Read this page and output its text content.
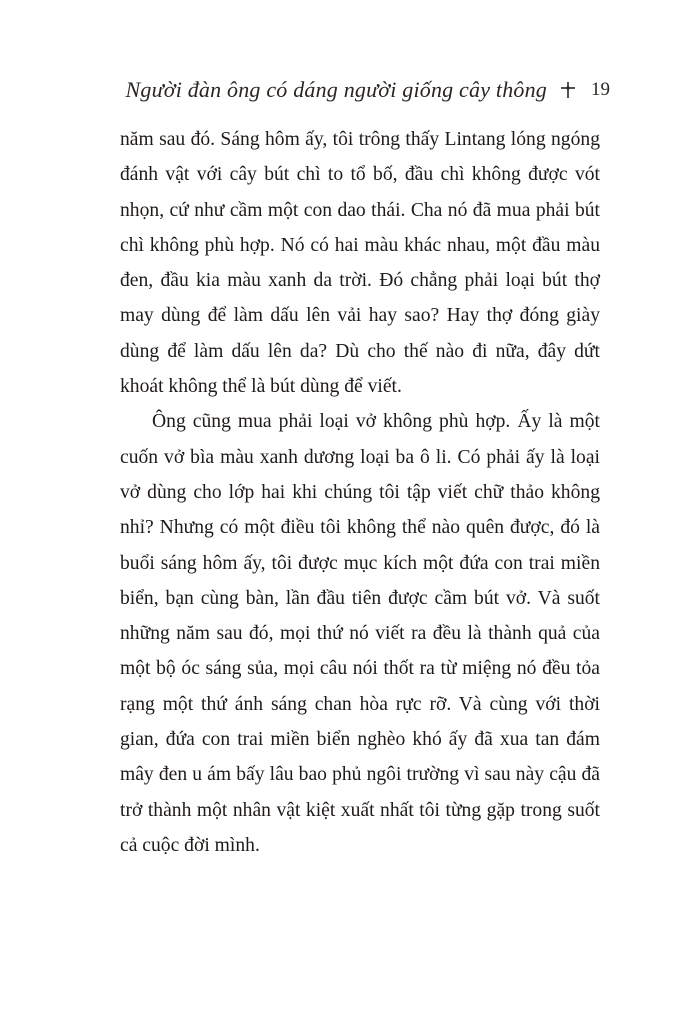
Người đàn ông có dáng người giống cây thông 19

năm sau đó. Sáng hôm ấy, tôi trông thấy Lintang lóng ngóng đánh vật với cây bút chì to tổ bố, đầu chì không được vót nhọn, cứ như cầm một con dao thái. Cha nó đã mua phải bút chì không phù hợp. Nó có hai màu khác nhau, một đầu màu đen, đầu kia màu xanh da trời. Đó chẳng phải loại bút thợ may dùng để làm dấu lên vải hay sao? Hay thợ đóng giày dùng để làm dấu lên da? Dù cho thế nào đi nữa, đây dứt khoát không thể là bút dùng để viết.

Ông cũng mua phải loại vở không phù hợp. Ấy là một cuốn vở bìa màu xanh dương loại ba ô li. Có phải ấy là loại vở dùng cho lớp hai khi chúng tôi tập viết chữ thảo không nhỉ? Nhưng có một điều tôi không thể nào quên được, đó là buổi sáng hôm ấy, tôi được mục kích một đứa con trai miền biển, bạn cùng bàn, lần đầu tiên được cầm bút vở. Và suốt những năm sau đó, mọi thứ nó viết ra đều là thành quả của một bộ óc sáng sủa, mọi câu nói thốt ra từ miệng nó đều tỏa rạng một thứ ánh sáng chan hòa rực rỡ. Và cùng với thời gian, đứa con trai miền biển nghèo khó ấy đã xua tan đám mây đen u ám bấy lâu bao phủ ngôi trường vì sau này cậu đã trở thành một nhân vật kiệt xuất nhất tôi từng gặp trong suốt cả cuộc đời mình.
